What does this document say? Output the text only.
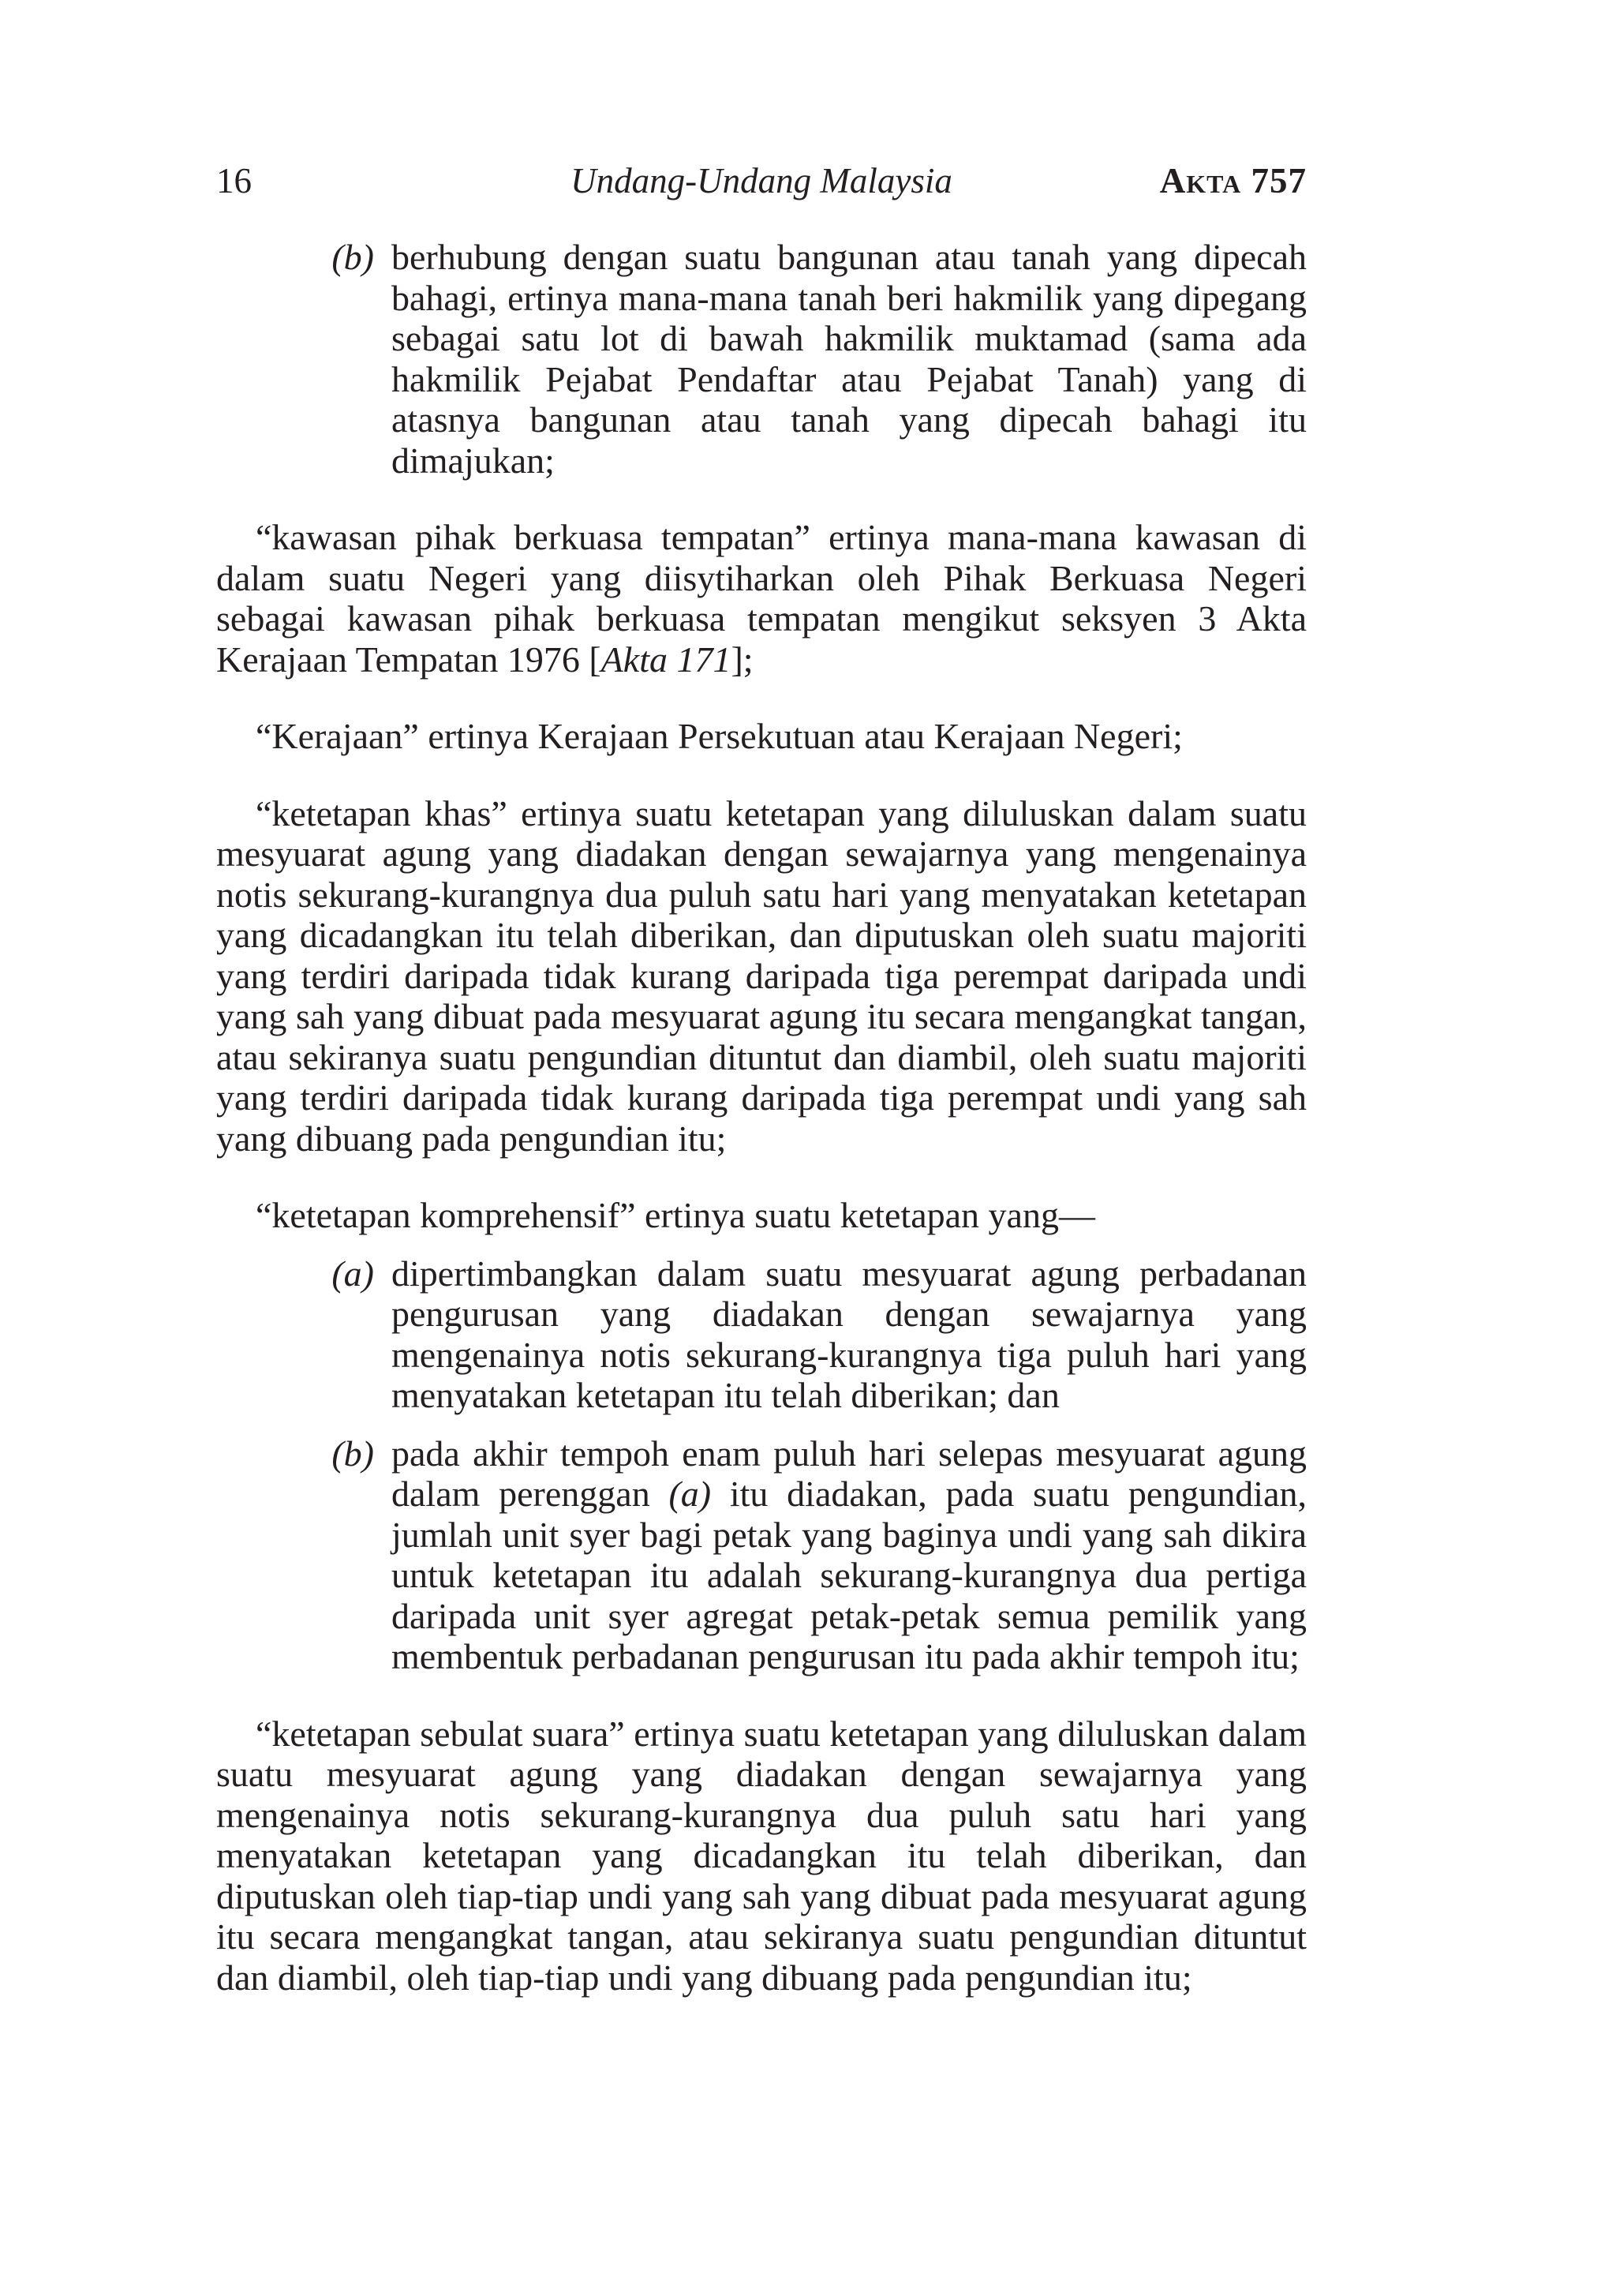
16	Undang-Undang Malaysia	Akta 757
(b) berhubung dengan suatu bangunan atau tanah yang dipecah bahagi, ertinya mana-mana tanah beri hakmilik yang dipegang sebagai satu lot di bawah hakmilik muktamad (sama ada hakmilik Pejabat Pendaftar atau Pejabat Tanah) yang di atasnya bangunan atau tanah yang dipecah bahagi itu dimajukan;

“kawasan pihak berkuasa tempatan” ertinya mana-mana kawasan di dalam suatu Negeri yang diisytiharkan oleh Pihak Berkuasa Negeri sebagai kawasan pihak berkuasa tempatan mengikut seksyen 3 Akta Kerajaan Tempatan 1976 [Akta 171];

“Kerajaan” ertinya Kerajaan Persekutuan atau Kerajaan Negeri;

“ketetapan khas” ertinya suatu ketetapan yang diluluskan dalam suatu mesyuarat agung yang diadakan dengan sewajarnya yang mengenainya notis sekurang-kurangnya dua puluh satu hari yang menyatakan ketetapan yang dicadangkan itu telah diberikan, dan diputuskan oleh suatu majoriti yang terdiri daripada tidak kurang daripada tiga perempat daripada undi yang sah yang dibuat pada mesyuarat agung itu secara mengangkat tangan, atau sekiranya suatu pengundian dituntut dan diambil, oleh suatu majoriti yang terdiri daripada tidak kurang daripada tiga perempat undi yang sah yang dibuang pada pengundian itu;

“ketetapan komprehensif” ertinya suatu ketetapan yang—

(a) dipertimbangkan dalam suatu mesyuarat agung perbadanan pengurusan yang diadakan dengan sewajarnya yang mengenainya notis sekurang-kurangnya tiga puluh hari yang menyatakan ketetapan itu telah diberikan; dan
(b) pada akhir tempoh enam puluh hari selepas mesyuarat agung dalam perenggan (a) itu diadakan, pada suatu pengundian, jumlah unit syer bagi petak yang baginya undi yang sah dikira untuk ketetapan itu adalah sekurang-kurangnya dua pertiga daripada unit syer agregat petak-petak semua pemilik yang membentuk perbadanan pengurusan itu pada akhir tempoh itu;

“ketetapan sebulat suara” ertinya suatu ketetapan yang diluluskan dalam suatu mesyuarat agung yang diadakan dengan sewajarnya yang mengenainya notis sekurang-kurangnya dua puluh satu hari yang menyatakan ketetapan yang dicadangkan itu telah diberikan, dan diputuskan oleh tiap-tiap undi yang sah yang dibuat pada mesyuarat agung itu secara mengangkat tangan, atau sekiranya suatu pengundian dituntut dan diambil, oleh tiap-tiap undi yang dibuang pada pengundian itu;
